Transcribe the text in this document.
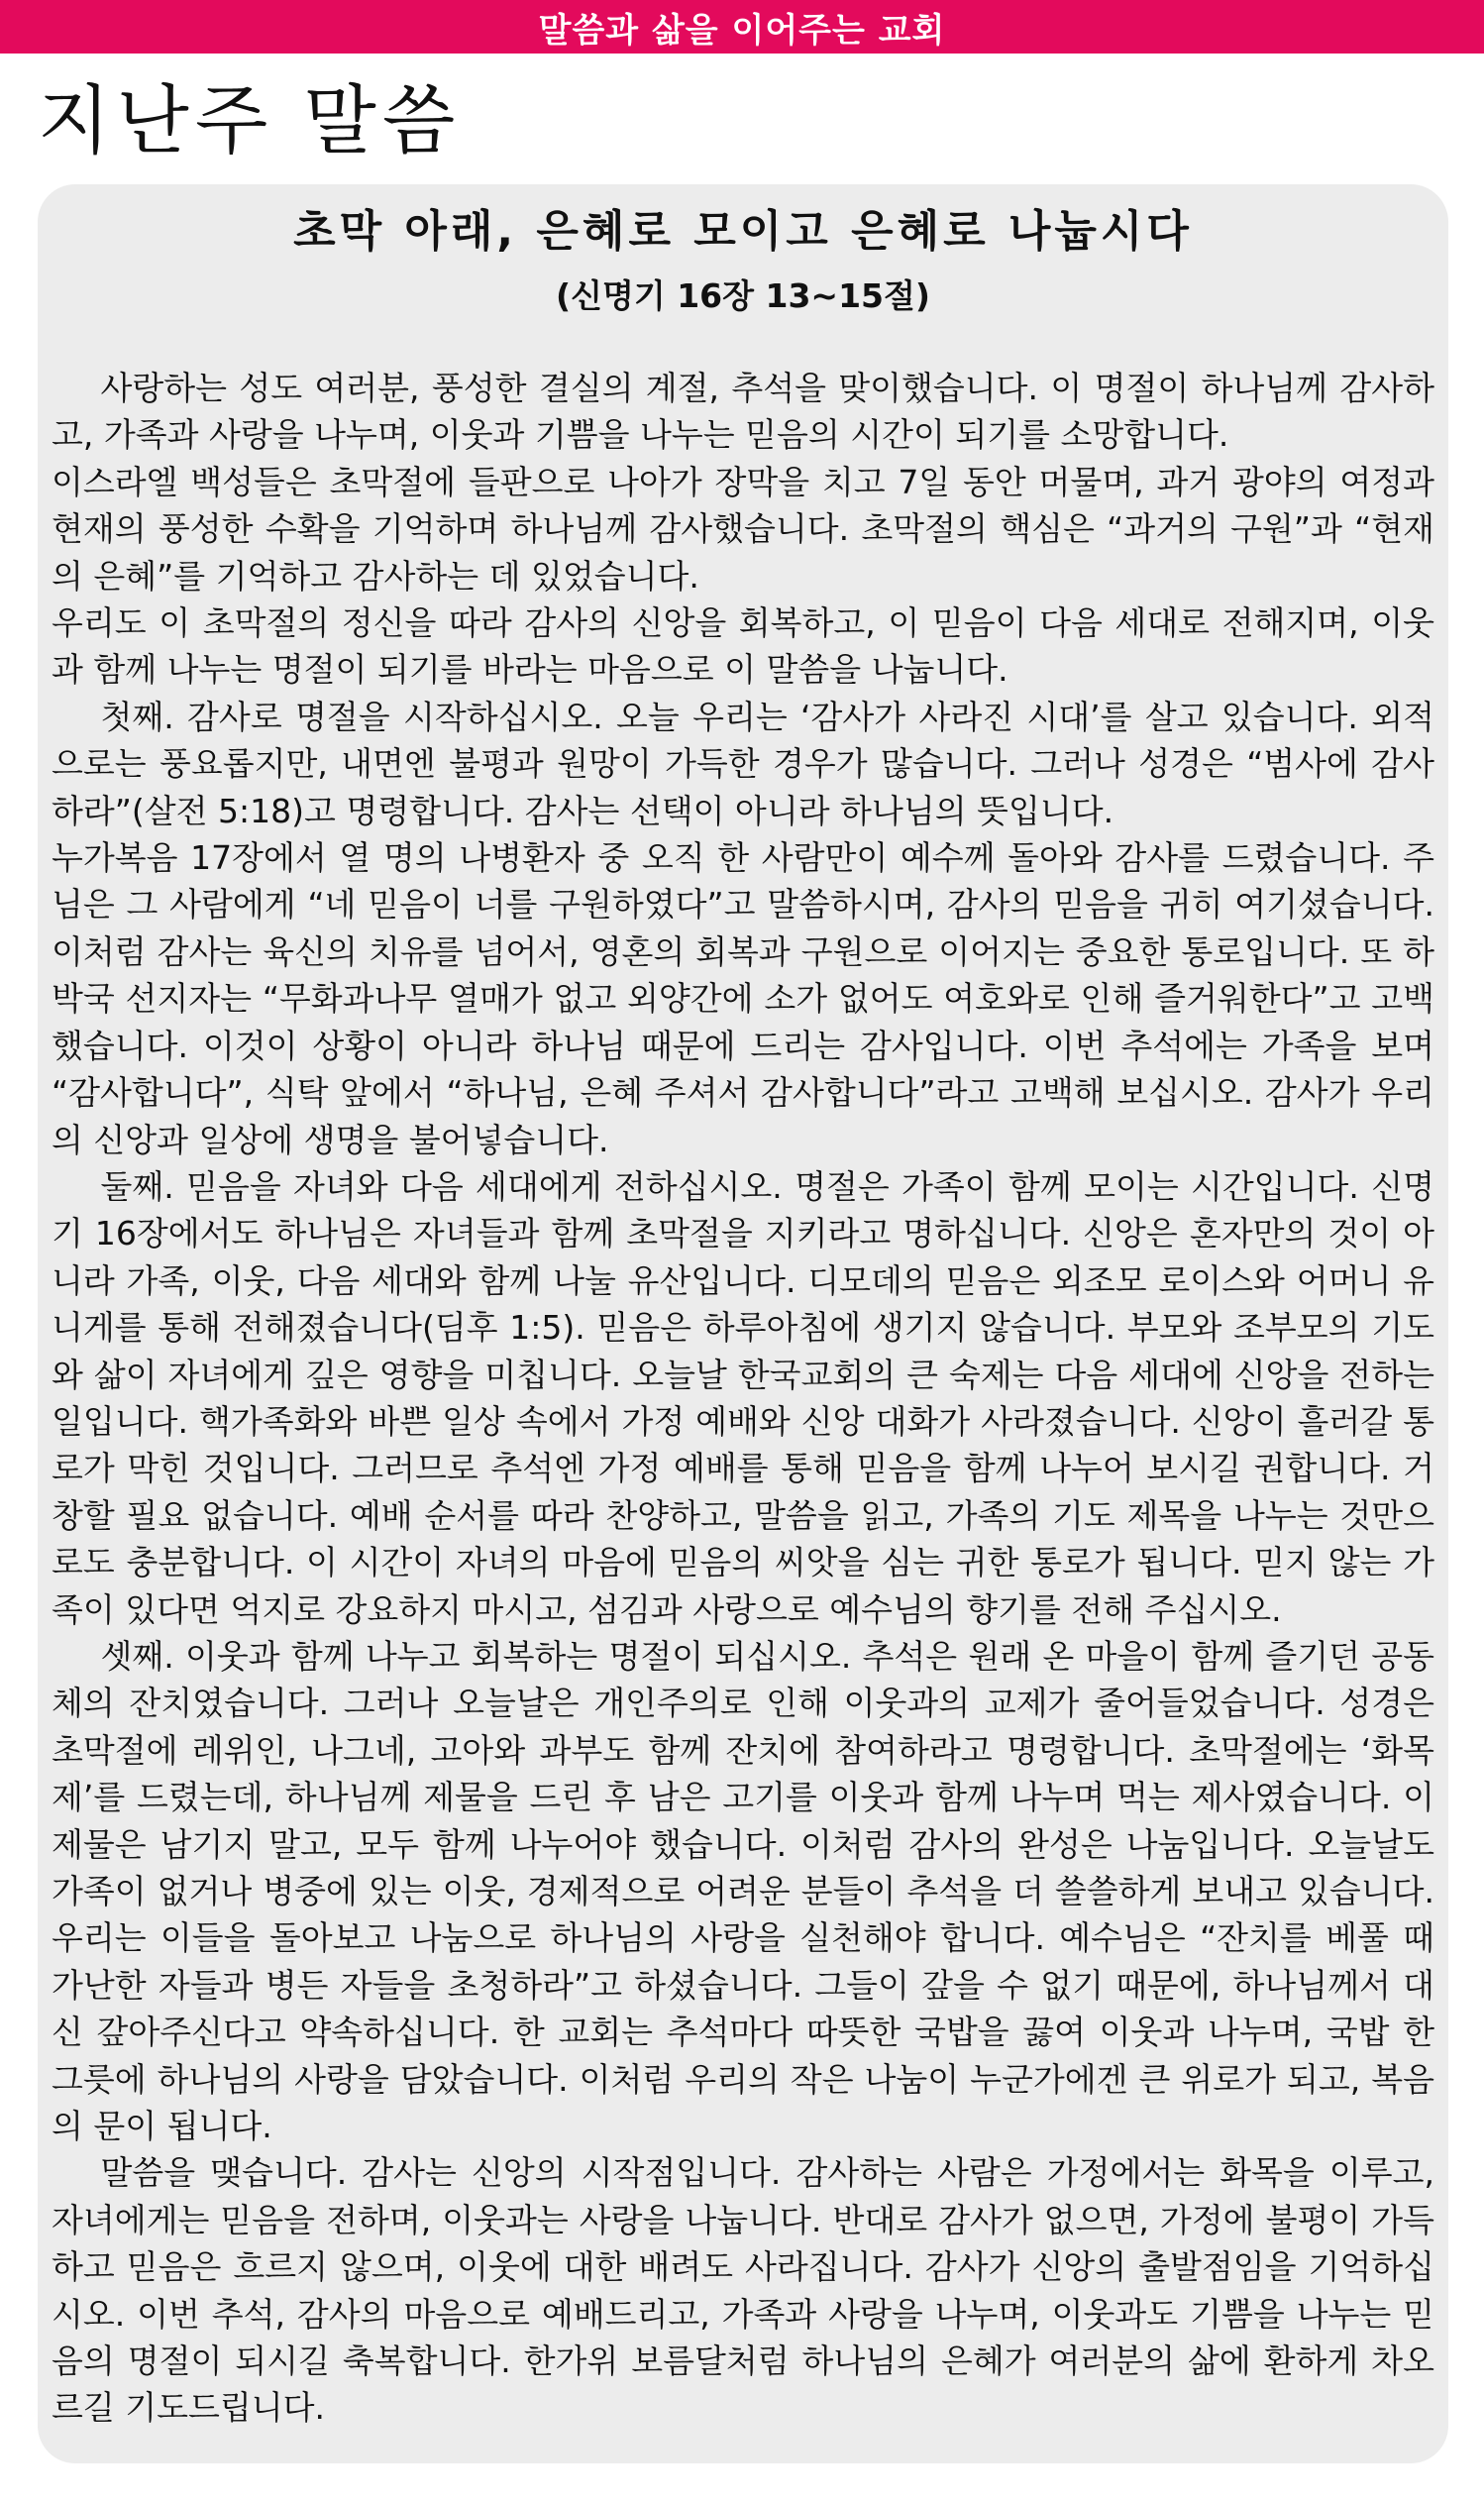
말씀과 삶을 이어주는 교회
지난주 말씀
초막 아래, 은혜로 모이고 은혜로 나눕시다
(신명기 16장 13~15절)

사랑하는 성도 여러분, 풍성한 결실의 계절, 추석을 맞이했습니다. 이 명절이 하나님께 감사하고, 가족과 사랑을 나누며, 이웃과 기쁨을 나누는 믿음의 시간이 되기를 소망합니다.

이스라엘 백성들은 초막절에 들판으로 나아가 장막을 치고 7일 동안 머물며, 과거 광야의 여정과 현재의 풍성한 수확을 기억하며 하나님께 감사했습니다. 초막절의 핵심은 “과거의 구원”과 “현재의 은혜”를 기억하고 감사하는 데 있었습니다.

우리도 이 초막절의 정신을 따라 감사의 신앙을 회복하고, 이 믿음이 다음 세대로 전해지며, 이웃과 함께 나누는 명절이 되기를 바라는 마음으로 이 말씀을 나눕니다.

첫째. 감사로 명절을 시작하십시오. 오늘 우리는 ‘감사가 사라진 시대’를 살고 있습니다. 외적으로는 풍요롭지만, 내면엔 불평과 원망이 가득한 경우가 많습니다. 그러나 성경은 “범사에 감사하라”(살전 5:18)고 명령합니다. 감사는 선택이 아니라 하나님의 뜻입니다.

누가복음 17장에서 열 명의 나병환자 중 오직 한 사람만이 예수께 돌아와 감사를 드렸습니다. 주님은 그 사람에게 “네 믿음이 너를 구원하였다”고 말씀하시며, 감사의 믿음을 귀히 여기셨습니다. 이처럼 감사는 육신의 치유를 넘어서, 영혼의 회복과 구원으로 이어지는 중요한 통로입니다. 또 하박국 선지자는 “무화과나무 열매가 없고 외양간에 소가 없어도 여호와로 인해 즐거워한다”고 고백했습니다. 이것이 상황이 아니라 하나님 때문에 드리는 감사입니다. 이번 추석에는 가족을 보며 “감사합니다”, 식탁 앞에서 “하나님, 은혜 주셔서 감사합니다”라고 고백해 보십시오. 감사가 우리의 신앙과 일상에 생명을 불어넣습니다.

둘째. 믿음을 자녀와 다음 세대에게 전하십시오. 명절은 가족이 함께 모이는 시간입니다. 신명기 16장에서도 하나님은 자녀들과 함께 초막절을 지키라고 명하십니다. 신앙은 혼자만의 것이 아니라 가족, 이웃, 다음 세대와 함께 나눌 유산입니다. 디모데의 믿음은 외조모 로이스와 어머니 유니게를 통해 전해졌습니다(딤후 1:5). 믿음은 하루아침에 생기지 않습니다. 부모와 조부모의 기도와 삶이 자녀에게 깊은 영향을 미칩니다. 오늘날 한국교회의 큰 숙제는 다음 세대에 신앙을 전하는 일입니다. 핵가족화와 바쁜 일상 속에서 가정 예배와 신앙 대화가 사라졌습니다. 신앙이 흘러갈 통로가 막힌 것입니다. 그러므로 추석엔 가정 예배를 통해 믿음을 함께 나누어 보시길 권합니다. 거창할 필요 없습니다. 예배 순서를 따라 찬양하고, 말씀을 읽고, 가족의 기도 제목을 나누는 것만으로도 충분합니다. 이 시간이 자녀의 마음에 믿음의 씨앗을 심는 귀한 통로가 됩니다. 믿지 않는 가족이 있다면 억지로 강요하지 마시고, 섬김과 사랑으로 예수님의 향기를 전해 주십시오.

셋째. 이웃과 함께 나누고 회복하는 명절이 되십시오. 추석은 원래 온 마을이 함께 즐기던 공동체의 잔치였습니다. 그러나 오늘날은 개인주의로 인해 이웃과의 교제가 줄어들었습니다. 성경은 초막절에 레위인, 나그네, 고아와 과부도 함께 잔치에 참여하라고 명령합니다. 초막절에는 ‘화목제’를 드렸는데, 하나님께 제물을 드린 후 남은 고기를 이웃과 함께 나누며 먹는 제사였습니다. 이 제물은 남기지 말고, 모두 함께 나누어야 했습니다. 이처럼 감사의 완성은 나눔입니다. 오늘날도 가족이 없거나 병중에 있는 이웃, 경제적으로 어려운 분들이 추석을 더 쓸쓸하게 보내고 있습니다. 우리는 이들을 돌아보고 나눔으로 하나님의 사랑을 실천해야 합니다. 예수님은 “잔치를 베풀 때 가난한 자들과 병든 자들을 초청하라”고 하셨습니다. 그들이 갚을 수 없기 때문에, 하나님께서 대신 갚아주신다고 약속하십니다. 한 교회는 추석마다 따뜻한 국밥을 끓여 이웃과 나누며, 국밥 한 그릇에 하나님의 사랑을 담았습니다. 이처럼 우리의 작은 나눔이 누군가에겐 큰 위로가 되고, 복음의 문이 됩니다.

말씀을 맺습니다. 감사는 신앙의 시작점입니다. 감사하는 사람은 가정에서는 화목을 이루고, 자녀에게는 믿음을 전하며, 이웃과는 사랑을 나눕니다. 반대로 감사가 없으면, 가정에 불평이 가득하고 믿음은 흐르지 않으며, 이웃에 대한 배려도 사라집니다. 감사가 신앙의 출발점임을 기억하십시오. 이번 추석, 감사의 마음으로 예배드리고, 가족과 사랑을 나누며, 이웃과도 기쁨을 나누는 믿음의 명절이 되시길 축복합니다. 한가위 보름달처럼 하나님의 은혜가 여러분의 삶에 환하게 차오르길 기도드립니다.
